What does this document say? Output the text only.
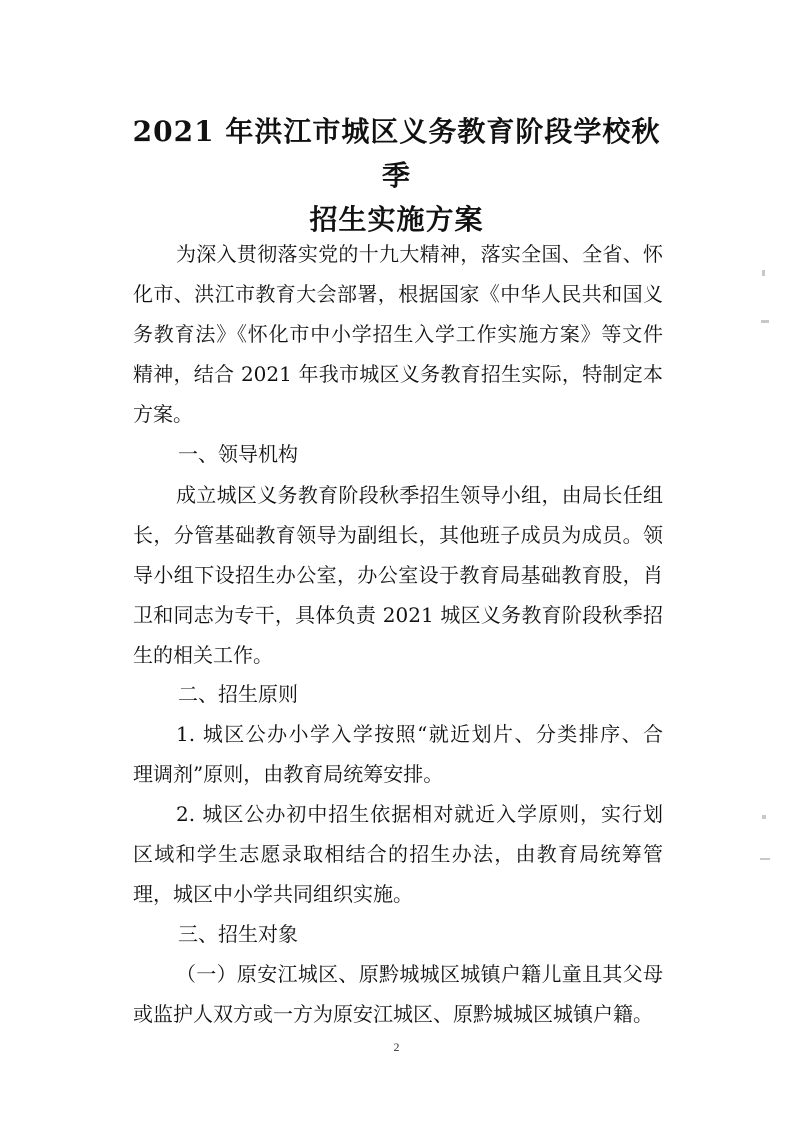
2021 年洪江市城区义务教育阶段学校秋季
招生实施方案
为深入贯彻落实党的十九大精神，落实全国、全省、怀
化市、洪江市教育大会部署，根据国家《中华人民共和国义
务教育法》《怀化市中小学招生入学工作实施方案》等文件
精神，结合 2021 年我市城区义务教育招生实际，特制定本
方案。
一、领导机构
成立城区义务教育阶段秋季招生领导小组，由局长任组
长，分管基础教育领导为副组长，其他班子成员为成员。领
导小组下设招生办公室，办公室设于教育局基础教育股，肖
卫和同志为专干，具体负责 2021 城区义务教育阶段秋季招
生的相关工作。
二、招生原则
1. 城区公办小学入学按照“就近划片、分类排序、合
理调剂”原则，由教育局统筹安排。
2. 城区公办初中招生依据相对就近入学原则，实行划
区域和学生志愿录取相结合的招生办法，由教育局统筹管
理，城区中小学共同组织实施。
三、招生对象
（一）原安江城区、原黔城城区城镇户籍儿童且其父母
或监护人双方或一方为原安江城区、原黔城城区城镇户籍。
2
